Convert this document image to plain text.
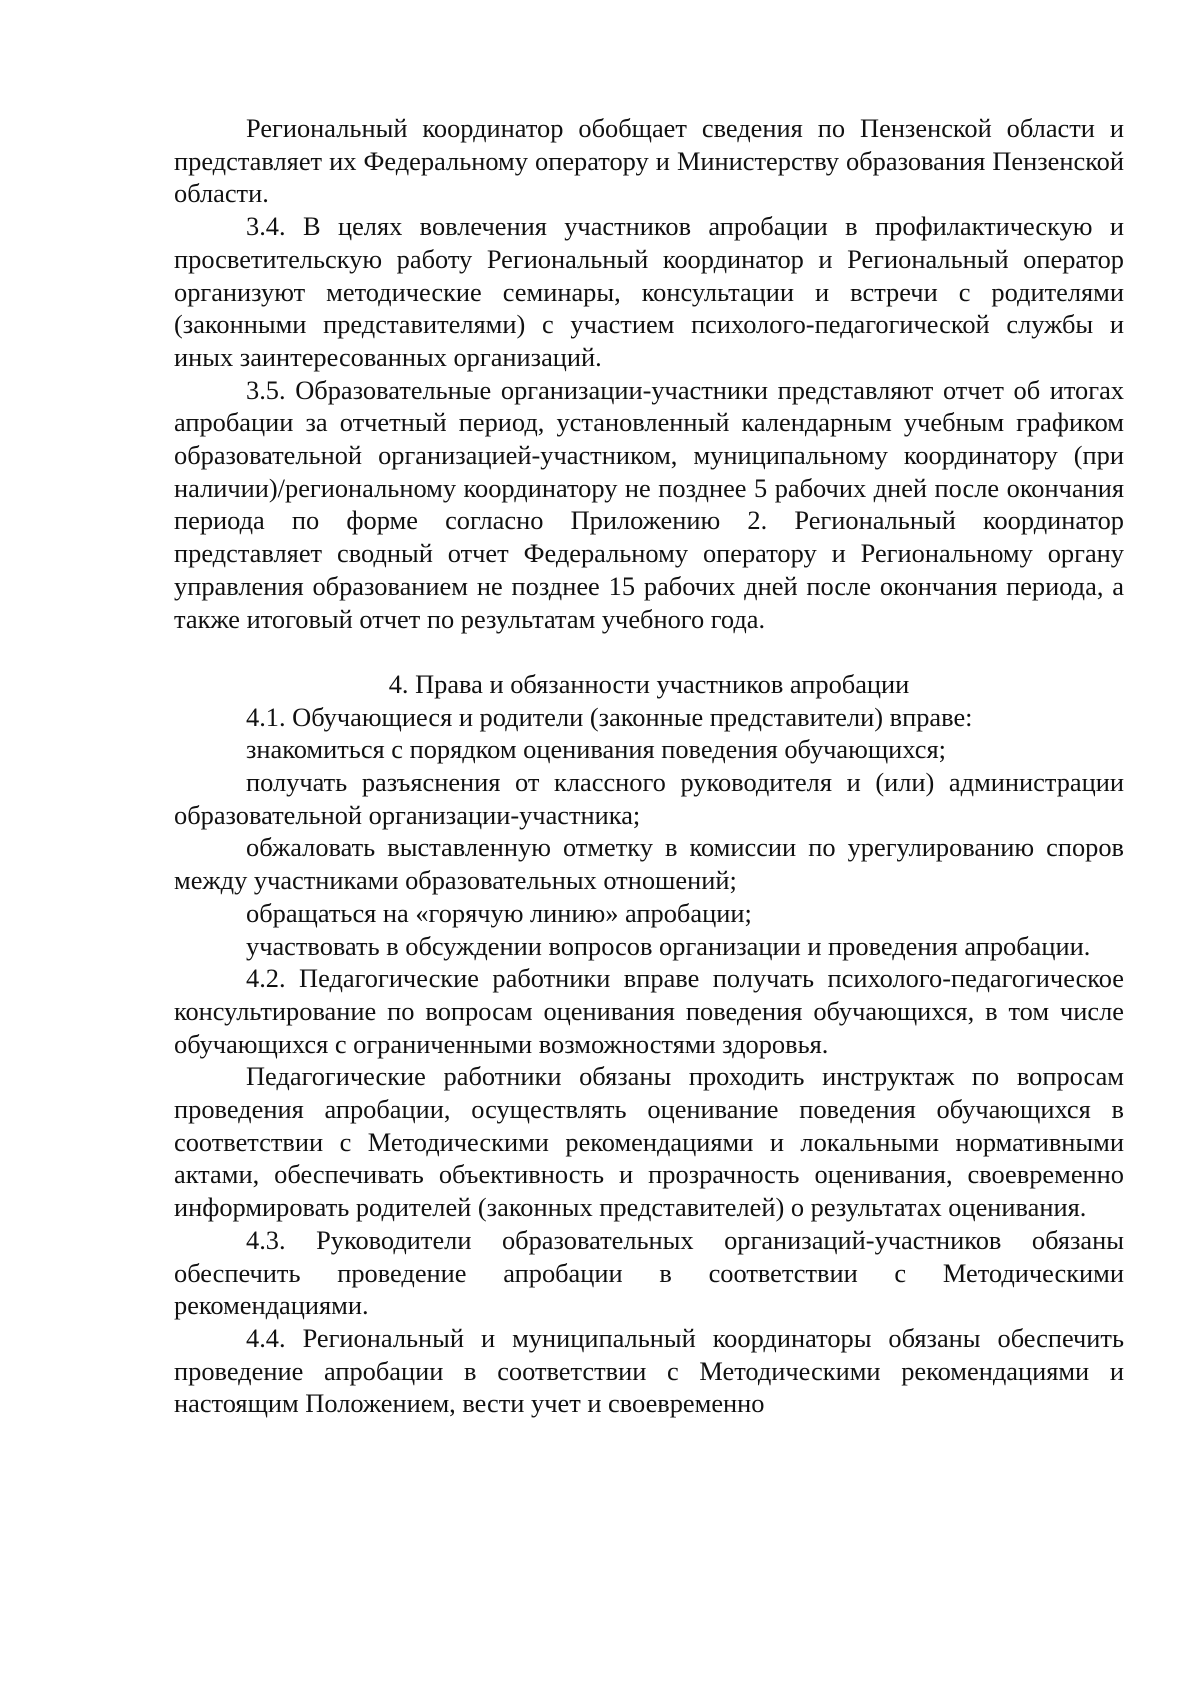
Региональный координатор обобщает сведения по Пензенской области и представляет их Федеральному оператору и Министерству образования Пензенской области.

3.4. В целях вовлечения участников апробации в профилактическую и просветительскую работу Региональный координатор и Региональный оператор организуют методические семинары, консультации и встречи с родителями (законными представителями) с участием психолого-педагогической службы и иных заинтересованных организаций.

3.5. Образовательные организации-участники представляют отчет об итогах апробации за отчетный период, установленный календарным учебным графиком образовательной организацией-участником, муниципальному координатору (при наличии)/региональному координатору не позднее 5 рабочих дней после окончания периода по форме согласно Приложению 2. Региональный координатор представляет сводный отчет Федеральному оператору и Региональному органу управления образованием не позднее 15 рабочих дней после окончания периода, а также итоговый отчет по результатам учебного года.

4. Права и обязанности участников апробации

4.1. Обучающиеся и родители (законные представители) вправе:

знакомиться с порядком оценивания поведения обучающихся;

получать разъяснения от классного руководителя и (или) администрации образовательной организации-участника;

обжаловать выставленную отметку в комиссии по урегулированию споров между участниками образовательных отношений;

обращаться на «горячую линию» апробации;

участвовать в обсуждении вопросов организации и проведения апробации.

4.2. Педагогические работники вправе получать психолого-педагогическое консультирование по вопросам оценивания поведения обучающихся, в том числе обучающихся с ограниченными возможностями здоровья.

Педагогические работники обязаны проходить инструктаж по вопросам проведения апробации, осуществлять оценивание поведения обучающихся в соответствии с Методическими рекомендациями и локальными нормативными актами, обеспечивать объективность и прозрачность оценивания, своевременно информировать родителей (законных представителей) о результатах оценивания.

4.3. Руководители образовательных организаций-участников обязаны обеспечить проведение апробации в соответствии с Методическими рекомендациями.

4.4. Региональный и муниципальный координаторы обязаны обеспечить проведение апробации в соответствии с Методическими рекомендациями и настоящим Положением, вести учет и своевременно
